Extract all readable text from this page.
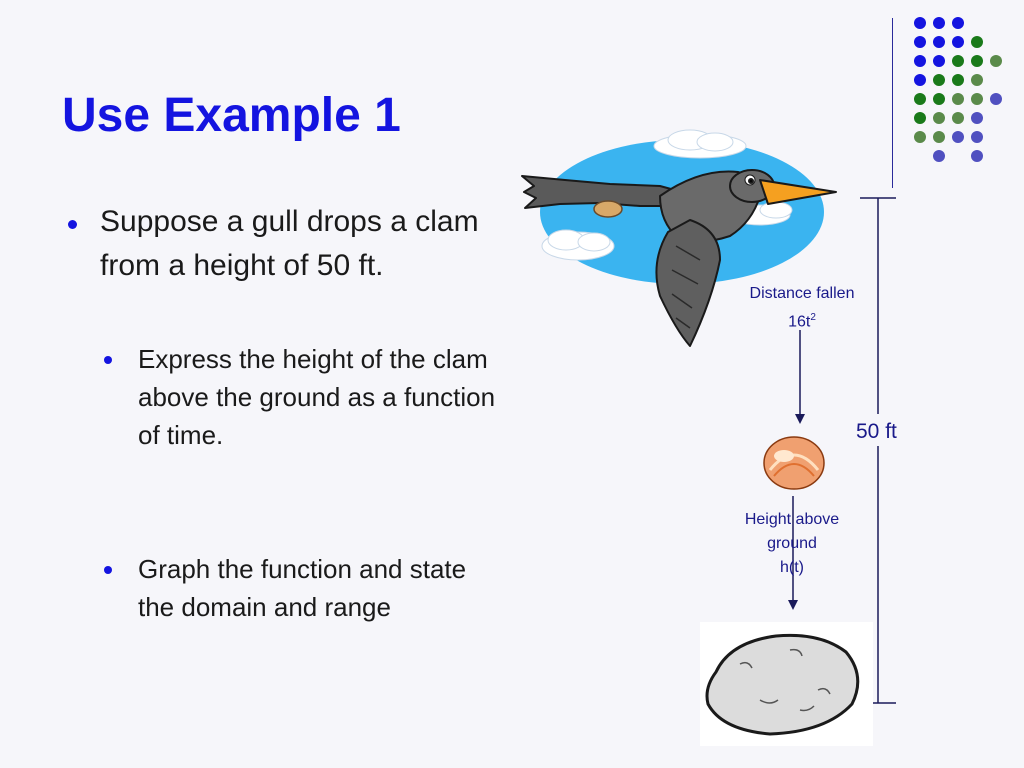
Use Example 1
Suppose a gull drops a clam from a height of 50 ft.
Express the height of the clam above the ground as a function of time.
Graph the function and state the domain and range
Distance fallen
$16t^2$
Height above
ground
h(t)
50 ft
